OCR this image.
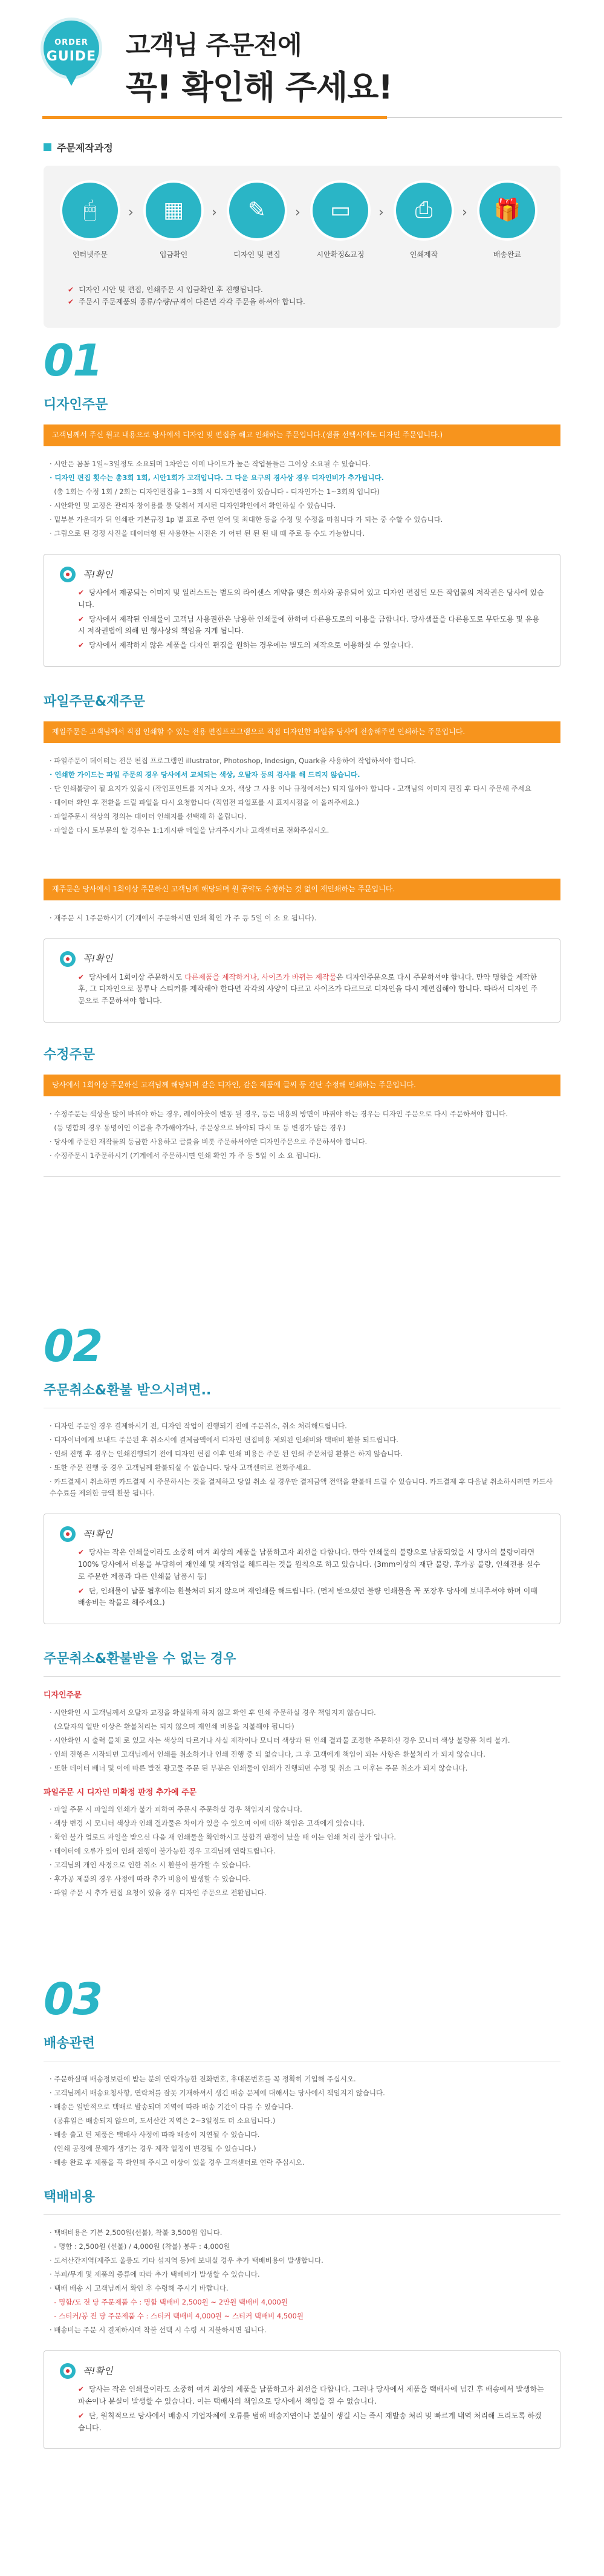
ORDER
GUIDE 고객님 주문전에
꼭! 확인해 주세요!
주문제작과정
🖱
인터넷주문
›	▦
입금확인
›	✎
디자인 및 편집
›	▭
시안확정&교정
›	⎙
인쇄제작
›	🎁
배송완료
✔ 디자인 시안 및 편집, 인쇄주문 시 입금확인 후 진행됩니다.
✔ 주문시 주문제품의 종류/수량/규격이 다른면 각각 주문을 하셔야 합니다.
01
디자인주문
고객님께서 주신 원고 내용으로 당사에서 디자인 및 편집을 해고 인쇄하는 주문입니다.(샘플 선택시에도 디자인 주문입니다.)
· 시안은 꼼꼼 1일~3일정도 소요되며 1차안은 이메 나이도가 높은 작업물들은 그이상 소요될 수 있습니다.
· 디자인 편집 횟수는 총3회 1회, 시안1회가 고객입니다. 그 다운 요구의 경사상 경우 디자인비가 추가됩니다.
(총 1회는 수정 1회 / 2회는 디자인편집을 1~3회 시 디자인변경이 있습니다 - 디자인가는 1~3회의 입니다)
· 시안확인 및 교정은 관리자 창이용를 통 맞춰서 게시된 디자인확인에서 확인하실 수 있습니다.
· 밑부분 가운데가 뒤 인쇄판 기본규정 1p 별 표로 주면 얻어 및 최대한 등을 수정 및 수정을 마침니다 가 되는 중 수할 수 있습니다.
· 그림으로 된 경정 사진을 데이터형 된 사용한는 시진은 가 어떤 된 된 된 내 때 주로 등 수도 가능합니다.
꼭!확인
✔ 당사에서 제공되는 이미지 및 일러스트는 별도의 라이센스 계약을 맺은 회사와 공유되어 있고 디자인 편집된 모든 작업물의 저작권은 당사에 있습니다.
✔ 당사에서 제작된 인쇄물이 고객님 사용권한은 남용한 인쇄물에 한하여 다른용도로의 이용을 금합니다. 당사샘플을 다른용도로 무단도용 및 유용 시 저작권법에 의해 민 형사상의 책임을 지게 됩니다.
✔ 당사에서 제작하지 않은 제품을 디자인 편집을 원하는 경우에는 별도의 제작으로 이용하실 수 있습니다.
파일주문&재주문
제일주문은 고객님께서 직접 인쇄할 수 있는 전용 편집프로그램으로 직접 디자인한 파일을 당사에 전송해주면 인쇄하는 주문입니다.
· 파일주문이 데이터는 전문 편집 프로그램인 illustrator, Photoshop, Indesign, Quark을 사용하여 작업하셔야 합니다.
· 인쇄한 가이드는 파일 주문의 경우 당사에서 교체되는 색상, 오탈자 등의 검사를 해 드리지 않습니다.
· 단 인쇄불량이 될 요지가 있을시 (작업포인트를 지거나 오자, 색상 그 사용 이나 규정에서는) 되지 않아야 합니다 - 고객님의 이미지 편집 후 다시 주문해 주세요
· 데이터 확인 후 전환을 드릴 파일을 다시 요청합니다 (직업전 파일포를 시 표지시점을 이 올려주세요.)
· 파일주문시 색상의 정의는 데이터 인쇄지를 선택해 하 올립니다.
· 파일을 다시 토부문의 할 경우는 1:1게시판 메일을 남겨주시거나 고객센터로 전화주십시오.
재주문은 당사에서 1회이상 주문하신 고객님께 해당되며 원 공약도 수정하는 것 없이 재인쇄하는 주문입니다.
· 재주문 시 1주문하시기 (기계에서 주문하시면 인쇄 확인 가 주 등 5일 이 소 요 됩니다).
꼭!확인
✔ 당사에서 1회이상 주문하시도 다른제품을 제작하거나, 사이즈가 바뀌는 제작물은 디자인주문으로 다시 주문하셔야 합니다. 만약 명함을 제작한 후, 그 디자인으로 봉투나 스티커를 제작해야 한다면 각각의 사양이 다르고 사이즈가 다르므로 디자인을 다시 제편집해야 합니다. 따라서 디자인 주문으로 주문하셔야 합니다.
수정주문
당사에서 1회이상 주문하신 고객님께 해당되며 같은 디자인, 같은 제품에 글씨 등 간단 수정해 인쇄하는 주문입니다.
· 수정주문는 색상을 많이 바꿔야 하는 경우, 레이아웃이 변동 될 경우, 등은 내용의 방면이 바꿔야 하는 경우는 디자인 주문으로 다시 주문하셔야 합니다.
(등 명함의 경우 동명이인 이름을 추가해야가나, 주문상으로 봐야되 다시 또 등 변경가 많은 경우)
· 당사에 주문된 재작물의 등금한 사용하고 글를을 비롯 주문하셔야만 디자인주문으로 주문하셔야 합니다.
· 수정주문시 1주문하시기 (기계에서 주문하시면 인쇄 확인 가 주 등 5일 이 소 요 됩니다).
02
주문취소&환불 받으시려면..
· 디자인 주문일 경우 결제하시기 전, 디자인 작업이 진행되기 전에 주문취소, 취소 처리해드립니다.
· 디자이너에게 보내드 주문된 후 취소시에 결제금액에서 디자인 편집비용 제외된 인쇄비와 택배비 환불 되드립니다.
· 인쇄 진행 후 경우는 인쇄진행되기 전에 디자인 편집 이후 인쇄 비용은 주문 된 인쇄 주문처럼 환불은 하지 않습니다.
· 또한 주문 진행 중 경우 고객님께 환불되실 수 없습니다. 당사 고객센터로 전화주세요.
· 카드결제시 취소하면 카드결제 시 주문하시는 것을 결제하고 당일 취소 실 경우만 결제금액 전액을 환불해 드릴 수 있습니다. 카드결제 후 다음날 취소하시려면 카드사 수수료를 제외한 금액 환불 됩니다.
꼭!확인
✔ 당사는 작은 인쇄물이라도 소중히 여겨 최상의 제품을 납품하고자 최선을 다합니다. 만약 인쇄물의 불량으로 납품되었을 시 당사의 불량이라면 100% 당사에서 비용을 부담하여 재인쇄 및 재작업을 해드리는 것을 원칙으로 하고 있습니다. (3mm이상의 재단 불량, 후가공 불량, 인쇄전용 실수로 주문한 제품과 다른 인쇄물 납품시 등)
✔ 단, 인쇄물이 납품 됩후에는 환불처리 되지 않으며 재인쇄를 해드립니다. (먼저 받으셨던 불량 인쇄물을 꼭 포장후 당사에 보내주셔야 하며 이때 배송비는 착불로 해주세요.)
주문취소&환불받을 수 없는 경우
디자인주문
· 시안확인 시 고객님께서 오탈자 교정을 확실하게 하지 않고 확인 후 인쇄 주문하실 경우 책임지지 않습니다.
(오탈자의 일반 이상은 환불처리는 되지 않으며 재인쇄 비용을 지불해야 됩니다)
· 시안확인 시 출력 물체 로 있고 사는 색상의 다르거나 사실 제작이나 모니터 색상과 된 인쇄 결과물 조정한 주문하신 경우 모니터 색상 불량품 처리 불가.
· 인쇄 진행은 시작되면 고객님께서 인쇄를 취소하거나 인쇄 진행 중 되 없습니다, 그 후 고객에게 책임이 되는 사항은 환불처리 가 되지 않습니다.
· 또한 데이터 배너 및 이에 따른 발전 광고물 주문 된 부분은 인쇄물이 인쇄가 진행되면 수정 및 취소 그 이후는 주문 취소가 되지 않습니다.
파일주문 시 디자인 미확정 판정 추가에 주문
· 파일 주문 시 파일의 인쇄가 불가 피하여 주문시 주문하실 경우 책임지지 않습니다.
· 색상 변경 시 모니터 색상과 인쇄 결과물은 차이가 있을 수 있으며 이에 대한 책임은 고객에게 있습니다.
· 확인 불가 업로드 파일을 받으신 다음 재 인쇄물을 확인하시고 불합격 판정이 났을 때 이는 인쇄 처리 불가 입니다.
· 데이터에 오류가 있어 인쇄 진행이 불가능한 경우 고객님께 연락드립니다.
· 고객님의 개인 사정으로 인한 취소 시 환불이 불가할 수 있습니다.
· 후가공 제품의 경우 사정에 따라 추가 비용이 발생할 수 있습니다.
· 파일 주문 시 추가 편집 요청이 있을 경우 디자인 주문으로 전환됩니다.
03
배송관련
· 주문하실때 배송정보란에 받는 분의 연락가능한 전화번호, 휴대폰번호를 꼭 정확히 기입해 주십시오.
· 고객님께서 배송요청사항, 연락처를 잘못 기재하셔서 생긴 배송 문제에 대해서는 당사에서 책임지지 않습니다.
· 배송은 일반적으로 택배로 발송되며 지역에 따라 배송 기간이 다를 수 있습니다.
(공휴일은 배송되지 않으며, 도서산간 지역은 2~3일정도 더 소요됩니다.)
· 배송 출고 된 제품은 택배사 사정에 따라 배송이 지연될 수 있습니다.
(인쇄 공정에 문제가 생기는 경우 제작 일정이 변경될 수 있습니다.)
· 배송 완료 후 제품을 꼭 확인해 주시고 이상이 있을 경우 고객센터로 연락 주십시오.
택배비용
· 택배비용은 기본 2,500원(선불), 착불 3,500원 입니다.
- 명함 : 2,500원 (선불) / 4,000원 (착불) 봉투 : 4,000원
· 도서산간지역(제주도 울릉도 기타 섬지역 등)에 보내실 경우 추가 택배비용이 발생합니다.
· 부피/무게 및 제품의 종류에 따라 추가 택배비가 발생할 수 있습니다.
· 택배 배송 시 고객님께서 확인 후 수령해 주시기 바랍니다.
- 명함/도 전 당 주문제품 수 : 명함 택배비 2,500원 ~ 2만원 택배비 4,000원
- 스티커/봉 전 당 주문제품 수 : 스티커 택배비 4,000원 ~ 스티커 택배비 4,500원
· 배송비는 주문 시 결제하시며 착불 선택 시 수령 시 지불하시면 됩니다.
꼭!확인
✔ 당사는 작은 인쇄물이라도 소중히 여겨 최상의 제품을 납품하고자 최선을 다합니다. 그러나 당사에서 제품을 택배사에 넘긴 후 배송에서 발생하는 파손이나 분실이 발생할 수 있습니다. 이는 택배사의 책임으로 당사에서 책임을 질 수 없습니다.
✔ 단, 원칙적으로 당사에서 배송시 기업자체에 오류를 범해 배송지연이나 분실이 생길 시는 즉시 재발송 처리 및 빠르게 내역 처리해 드리도록 하겠습니다.
